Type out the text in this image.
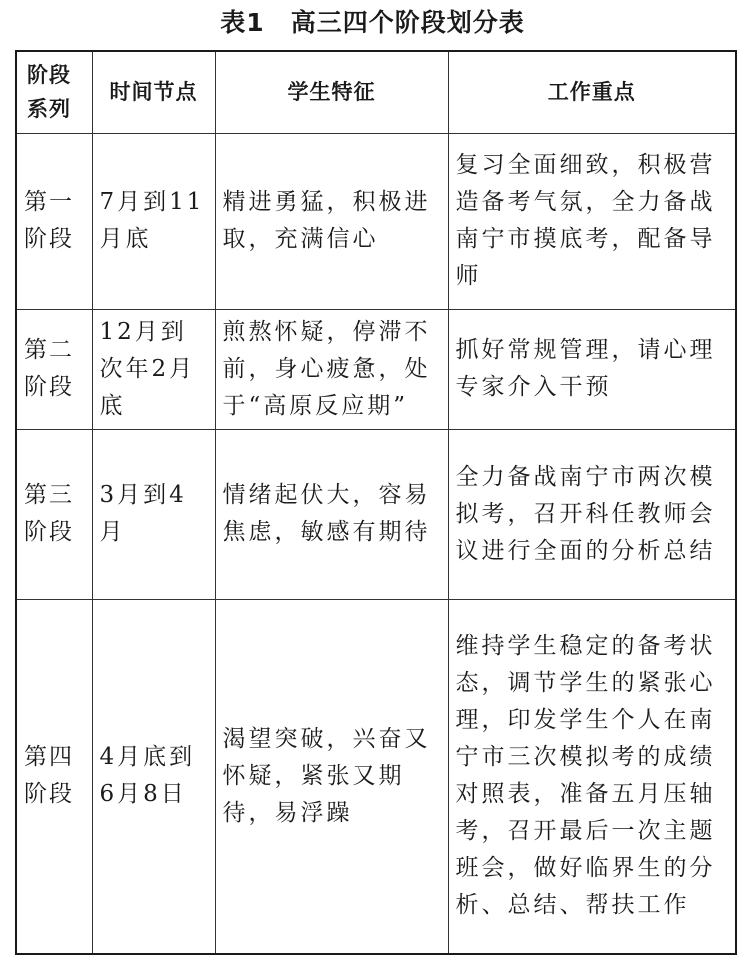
表1　高三四个阶段划分表
阶段系列	时间节点	学生特征	工作重点
第一阶段	7月到11月底	精进勇猛，积极进取，充满信心	复习全面细致，积极营造备考气氛，全力备战南宁市摸底考，配备导师
第二阶段	12月到次年2月底	煎熬怀疑，停滞不前，身心疲惫，处于“高原反应期”	抓好常规管理，请心理专家介入干预
第三阶段	3月到4月	情绪起伏大，容易焦虑，敏感有期待	全力备战南宁市两次模拟考，召开科任教师会议进行全面的分析总结
第四阶段	4月底到6月8日	渴望突破，兴奋又怀疑，紧张又期待，易浮躁	维持学生稳定的备考状态，调节学生的紧张心理，印发学生个人在南宁市三次模拟考的成绩对照表，准备五月压轴考，召开最后一次主题班会，做好临界生的分析、总结、帮扶工作
